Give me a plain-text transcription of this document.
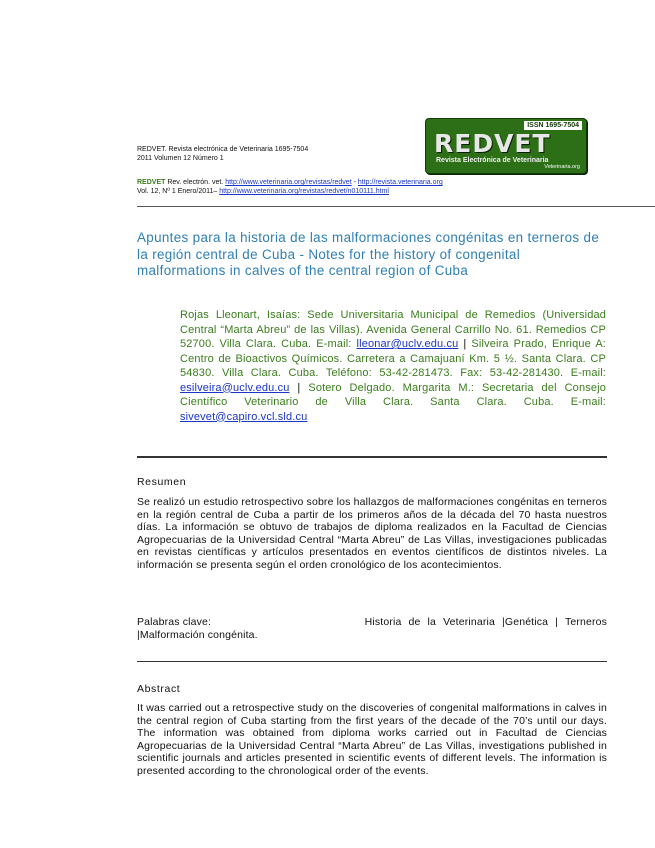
REDVET. Revista electrónica de Veterinaria 1695-7504
2011 Volumen 12 Número 1
ISSN 1695-7504
REDVET
Revista Electrónica de Veterinaria
Veterinaria.org
REDVET Rev. electrón. vet. http://www.veterinaria.org/revistas/redvet - http://revista.veterinaria.org
Vol. 12, Nº 1 Enero/2011– http://www.veterinaria.org/revistas/redvet/n010111.html
Apuntes para la historia de las malformaciones congénitas en terneros de la región central de Cuba - Notes for the history of congenital malformations in calves of the central region of Cuba
Rojas Lleonart, Isaías: Sede Universitaria Municipal de Remedios (Universidad Central “Marta Abreu” de las Villas). Avenida General Carrillo No. 61. Remedios CP 52700. Villa Clara. Cuba. E-mail: lleonar@uclv.edu.cu | Silveira Prado, Enrique A: Centro de Bioactivos Químicos. Carretera a Camajuaní Km. 5 ½. Santa Clara. CP 54830. Villa Clara. Cuba. Teléfono: 53-42-281473. Fax: 53-42-281430. E-mail: esilveira@uclv.edu.cu | Sotero Delgado. Margarita M.: Secretaria del Consejo Científico Veterinario de Villa Clara. Santa Clara. Cuba. E-mail: sivevet@capiro.vcl.sld.cu
Resumen
Se realizó un estudio retrospectivo sobre los hallazgos de malformaciones congénitas en terneros en la región central de Cuba a partir de los primeros años de la década del 70 hasta nuestros días. La información se obtuvo de trabajos de diploma realizados en la Facultad de Ciencias Agropecuarias de la Universidad Central “Marta Abreu” de Las Villas, investigaciones publicadas en revistas científicas y artículos presentados en eventos científicos de distintos niveles. La información se presenta según el orden cronológico de los acontecimientos.
Palabras clave:	Historia de la Veterinaria |Genética | Terneros
|Malformación congénita.
Abstract
It was carried out a retrospective study on the discoveries of congenital malformations in calves in the central region of Cuba starting from the first years of the decade of the 70’s until our days. The information was obtained from diploma works carried out in Facultad de Ciencias Agropecuarias de la Universidad Central “Marta Abreu” de Las Villas, investigations published in scientific journals and articles presented in scientific events of different levels. The information is presented according to the chronological order of the events.
